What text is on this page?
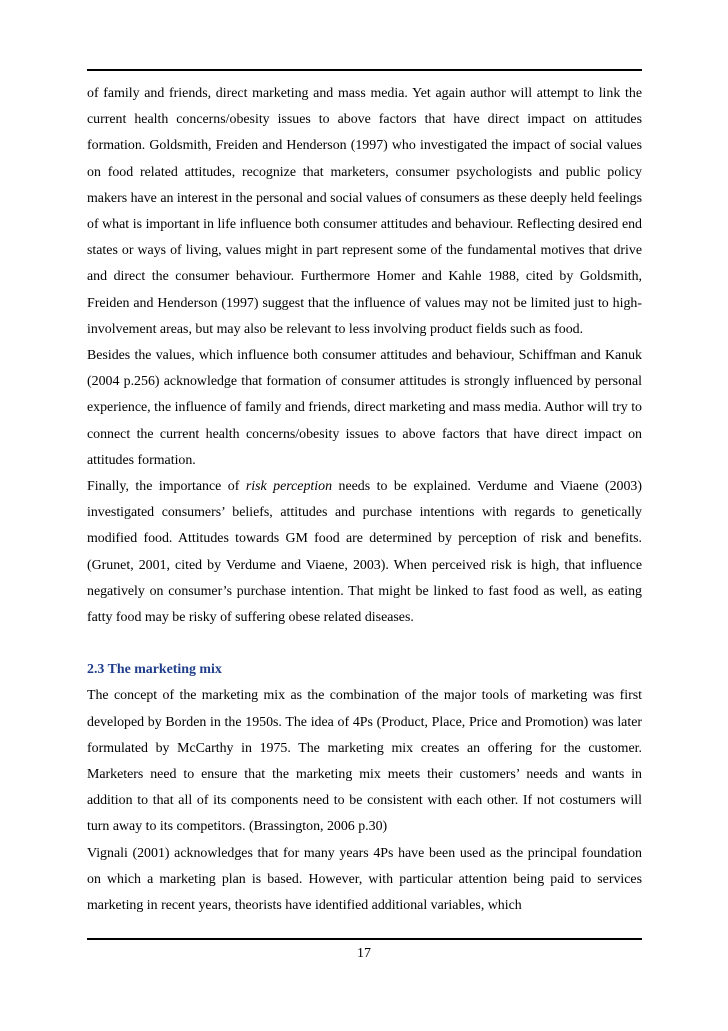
of family and friends, direct marketing and mass media. Yet again author will attempt to link the current health concerns/obesity issues to above factors that have direct impact on attitudes formation. Goldsmith, Freiden and Henderson (1997) who investigated the impact of social values on food related attitudes, recognize that marketers, consumer psychologists and public policy makers have an interest in the personal and social values of consumers as these deeply held feelings of what is important in life influence both consumer attitudes and behaviour. Reflecting desired end states or ways of living, values might in part represent some of the fundamental motives that drive and direct the consumer behaviour. Furthermore Homer and Kahle 1988, cited by Goldsmith, Freiden and Henderson (1997) suggest that the influence of values may not be limited just to high- involvement areas, but may also be relevant to less involving product fields such as food.

Besides the values, which influence both consumer attitudes and behaviour, Schiffman and Kanuk (2004 p.256) acknowledge that formation of consumer attitudes is strongly influenced by personal experience, the influence of family and friends, direct marketing and mass media. Author will try to connect the current health concerns/obesity issues to above factors that have direct impact on attitudes formation.

Finally, the importance of risk perception needs to be explained. Verdume and Viaene (2003) investigated consumers’ beliefs, attitudes and purchase intentions with regards to genetically modified food. Attitudes towards GM food are determined by perception of risk and benefits. (Grunet, 2001, cited by Verdume and Viaene, 2003). When perceived risk is high, that influence negatively on consumer’s purchase intention. That might be linked to fast food as well, as eating fatty food may be risky of suffering obese related diseases.

2.3 The marketing mix

The concept of the marketing mix as the combination of the major tools of marketing was first developed by Borden in the 1950s. The idea of 4Ps (Product, Place, Price and Promotion) was later formulated by McCarthy in 1975. The marketing mix creates an offering for the customer. Marketers need to ensure that the marketing mix meets their customers’ needs and wants in addition to that all of its components need to be consistent with each other. If not costumers will turn away to its competitors. (Brassington, 2006 p.30)

Vignali (2001) acknowledges that for many years 4Ps have been used as the principal foundation on which a marketing plan is based. However, with particular attention being paid to services marketing in recent years, theorists have identified additional variables, which

17
